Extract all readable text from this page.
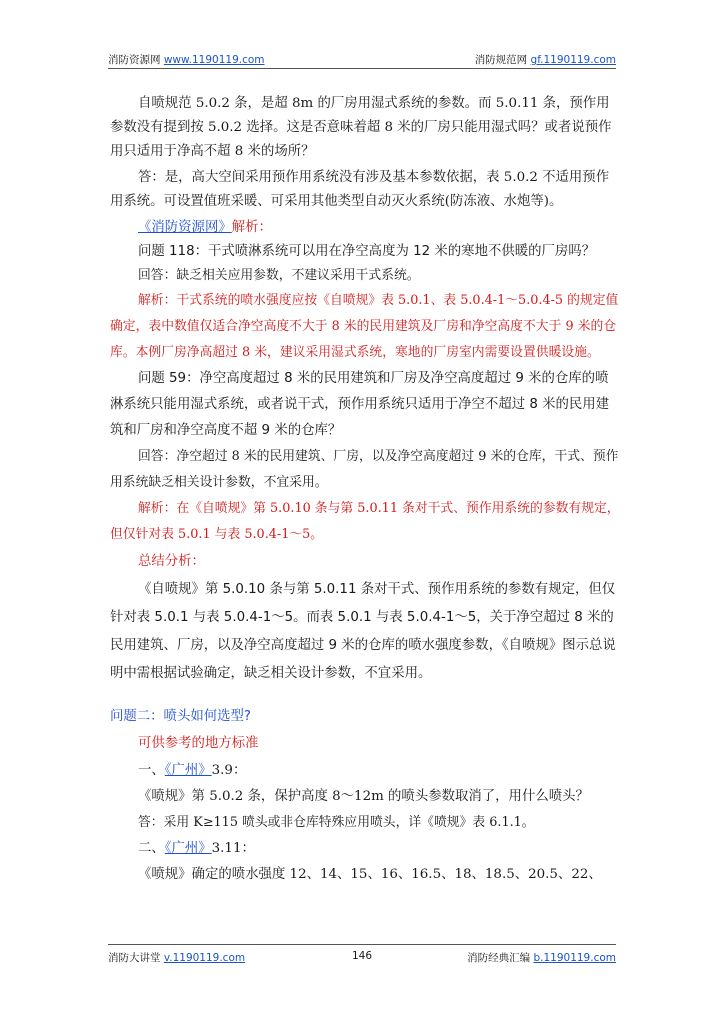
消防资源网 www.1190119.com	消防规范网 gf.1190119.com

自喷规范 5.0.2 条，是超 8m 的厂房用湿式系统的参数。而 5.0.11 条，预作用参数没有提到按 5.0.2 选择。这是否意味着超 8 米的厂房只能用湿式吗？或者说预作用只适用于净高不超 8 米的场所？

答：是，高大空间采用预作用系统没有涉及基本参数依据，表 5.0.2 不适用预作用系统。可设置值班采暖、可采用其他类型自动灭火系统(防冻液、水炮等)。

《消防资源网》解析：

问题 118：干式喷淋系统可以用在净空高度为 12 米的寒地不供暖的厂房吗？

回答：缺乏相关应用参数，不建议采用干式系统。

解析：干式系统的喷水强度应按《自喷规》表 5.0.1、表 5.0.4-1～5.0.4-5 的规定值确定，表中数值仅适合净空高度不大于 8 米的民用建筑及厂房和净空高度不大于 9 米的仓库。本例厂房净高超过 8 米，建议采用湿式系统，寒地的厂房室内需要设置供暖设施。

问题 59：净空高度超过 8 米的民用建筑和厂房及净空高度超过 9 米的仓库的喷淋系统只能用湿式系统，或者说干式，预作用系统只适用于净空不超过 8 米的民用建筑和厂房和净空高度不超 9 米的仓库？

回答：净空超过 8 米的民用建筑、厂房，以及净空高度超过 9 米的仓库，干式、预作用系统缺乏相关设计参数，不宜采用。

解析：在《自喷规》第 5.0.10 条与第 5.0.11 条对干式、预作用系统的参数有规定，但仅针对表 5.0.1 与表 5.0.4-1～5。

总结分析：

《自喷规》第 5.0.10 条与第 5.0.11 条对干式、预作用系统的参数有规定，但仅针对表 5.0.1 与表 5.0.4-1～5。而表 5.0.1 与表 5.0.4-1～5，关于净空超过 8 米的民用建筑、厂房，以及净空高度超过 9 米的仓库的喷水强度参数，《自喷规》图示总说明中需根据试验确定，缺乏相关设计参数，不宜采用。

问题二：喷头如何选型?

可供参考的地方标准

一、《广州》3.9：

《喷规》第 5.0.2 条，保护高度 8～12m 的喷头参数取消了，用什么喷头？

答：采用 K≥115 喷头或非仓库特殊应用喷头，详《喷规》表 6.1.1。

二、《广州》3.11：

《喷规》确定的喷水强度 12、14、15、16、16.5、18、18.5、20.5、22、

消防大讲堂 v.1190119.com	146	消防经典汇编 b.1190119.com
